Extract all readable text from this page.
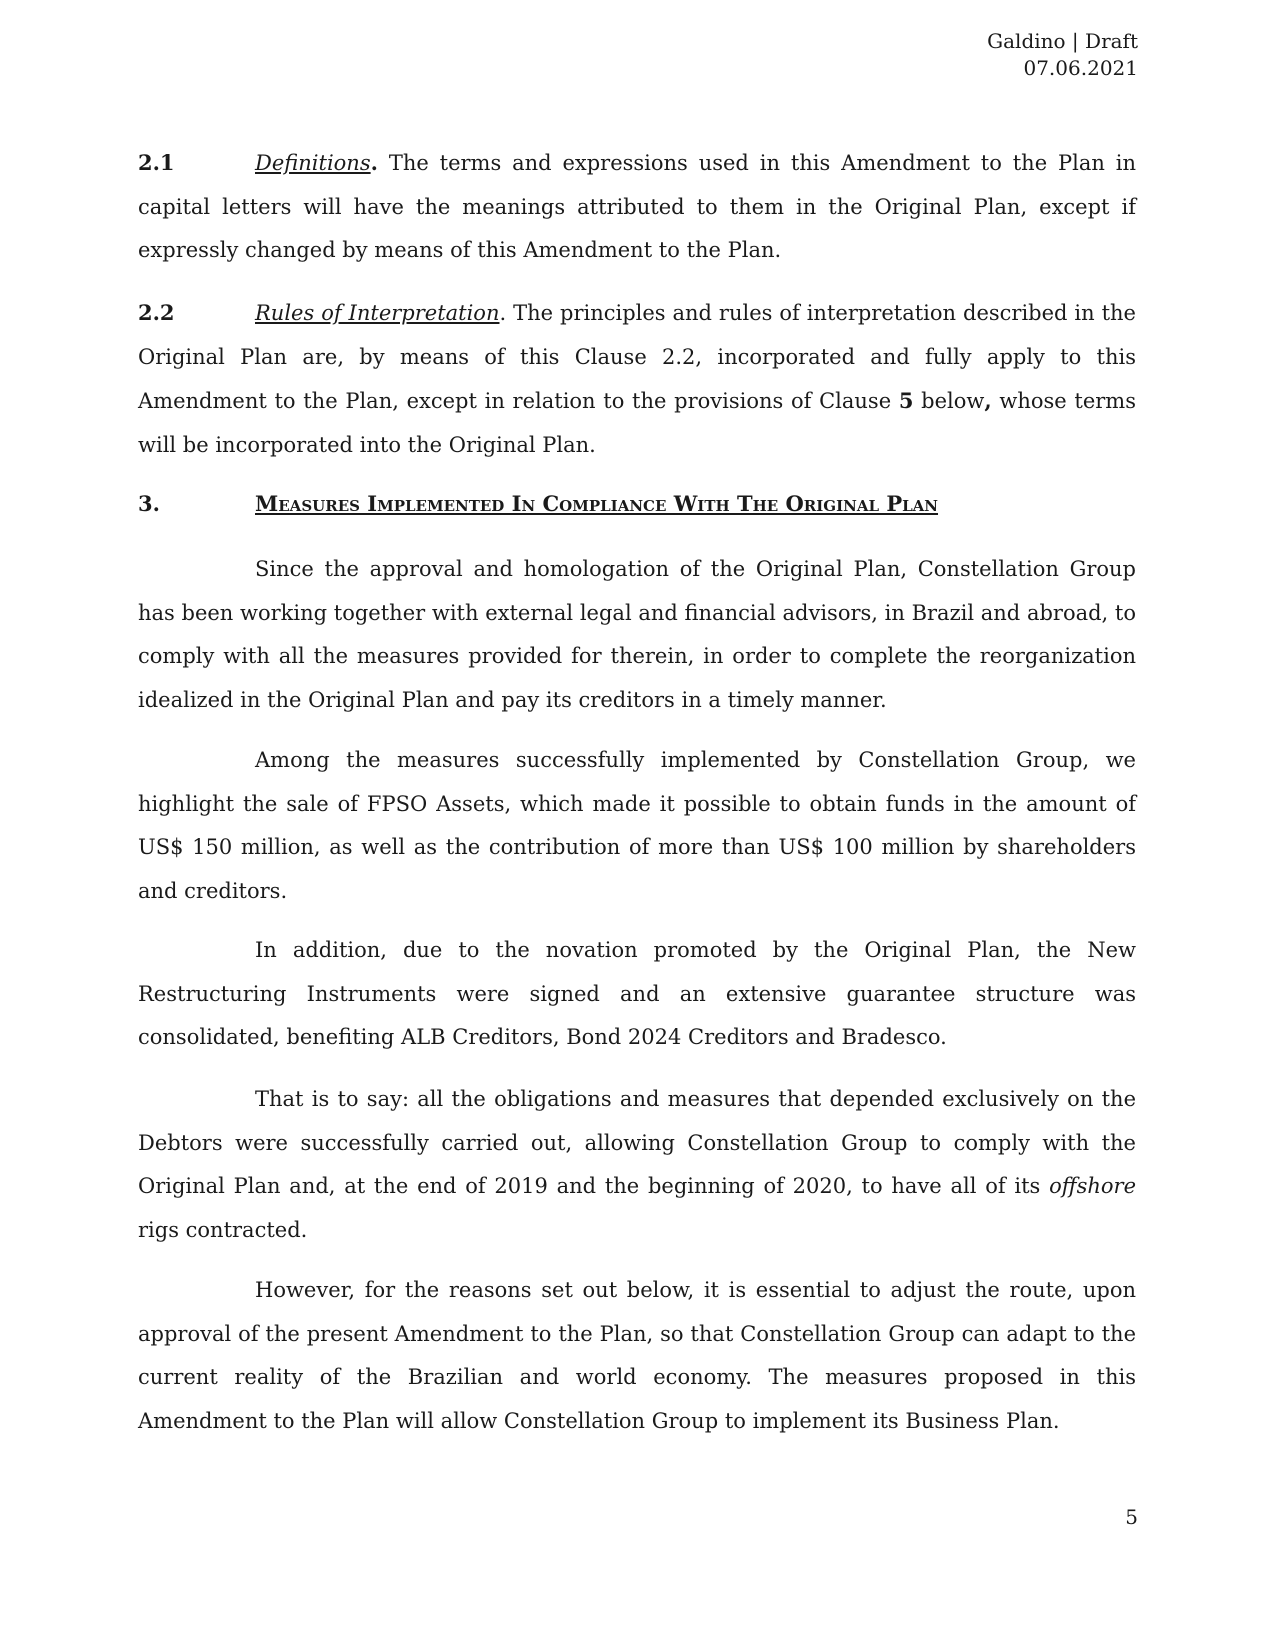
Galdino | Draft
07.06.2021

2.1	Definitions. The terms and expressions used in this Amendment to the Plan in capital letters will have the meanings attributed to them in the Original Plan, except if expressly changed by means of this Amendment to the Plan.

2.2	Rules of Interpretation. The principles and rules of interpretation described in the Original Plan are, by means of this Clause 2.2, incorporated and fully apply to this Amendment to the Plan, except in relation to the provisions of Clause 5 below, whose terms will be incorporated into the Original Plan.

3.	Measures Implemented In Compliance With The Original Plan

Since the approval and homologation of the Original Plan, Constellation Group has been working together with external legal and financial advisors, in Brazil and abroad, to comply with all the measures provided for therein, in order to complete the reorganization idealized in the Original Plan and pay its creditors in a timely manner.

Among the measures successfully implemented by Constellation Group, we highlight the sale of FPSO Assets, which made it possible to obtain funds in the amount of US$ 150 million, as well as the contribution of more than US$ 100 million by shareholders and creditors.

In addition, due to the novation promoted by the Original Plan, the New Restructuring Instruments were signed and an extensive guarantee structure was consolidated, benefiting ALB Creditors, Bond 2024 Creditors and Bradesco.

That is to say: all the obligations and measures that depended exclusively on the Debtors were successfully carried out, allowing Constellation Group to comply with the Original Plan and, at the end of 2019 and the beginning of 2020, to have all of its offshore rigs contracted.

However, for the reasons set out below, it is essential to adjust the route, upon approval of the present Amendment to the Plan, so that Constellation Group can adapt to the current reality of the Brazilian and world economy. The measures proposed in this Amendment to the Plan will allow Constellation Group to implement its Business Plan.

5
